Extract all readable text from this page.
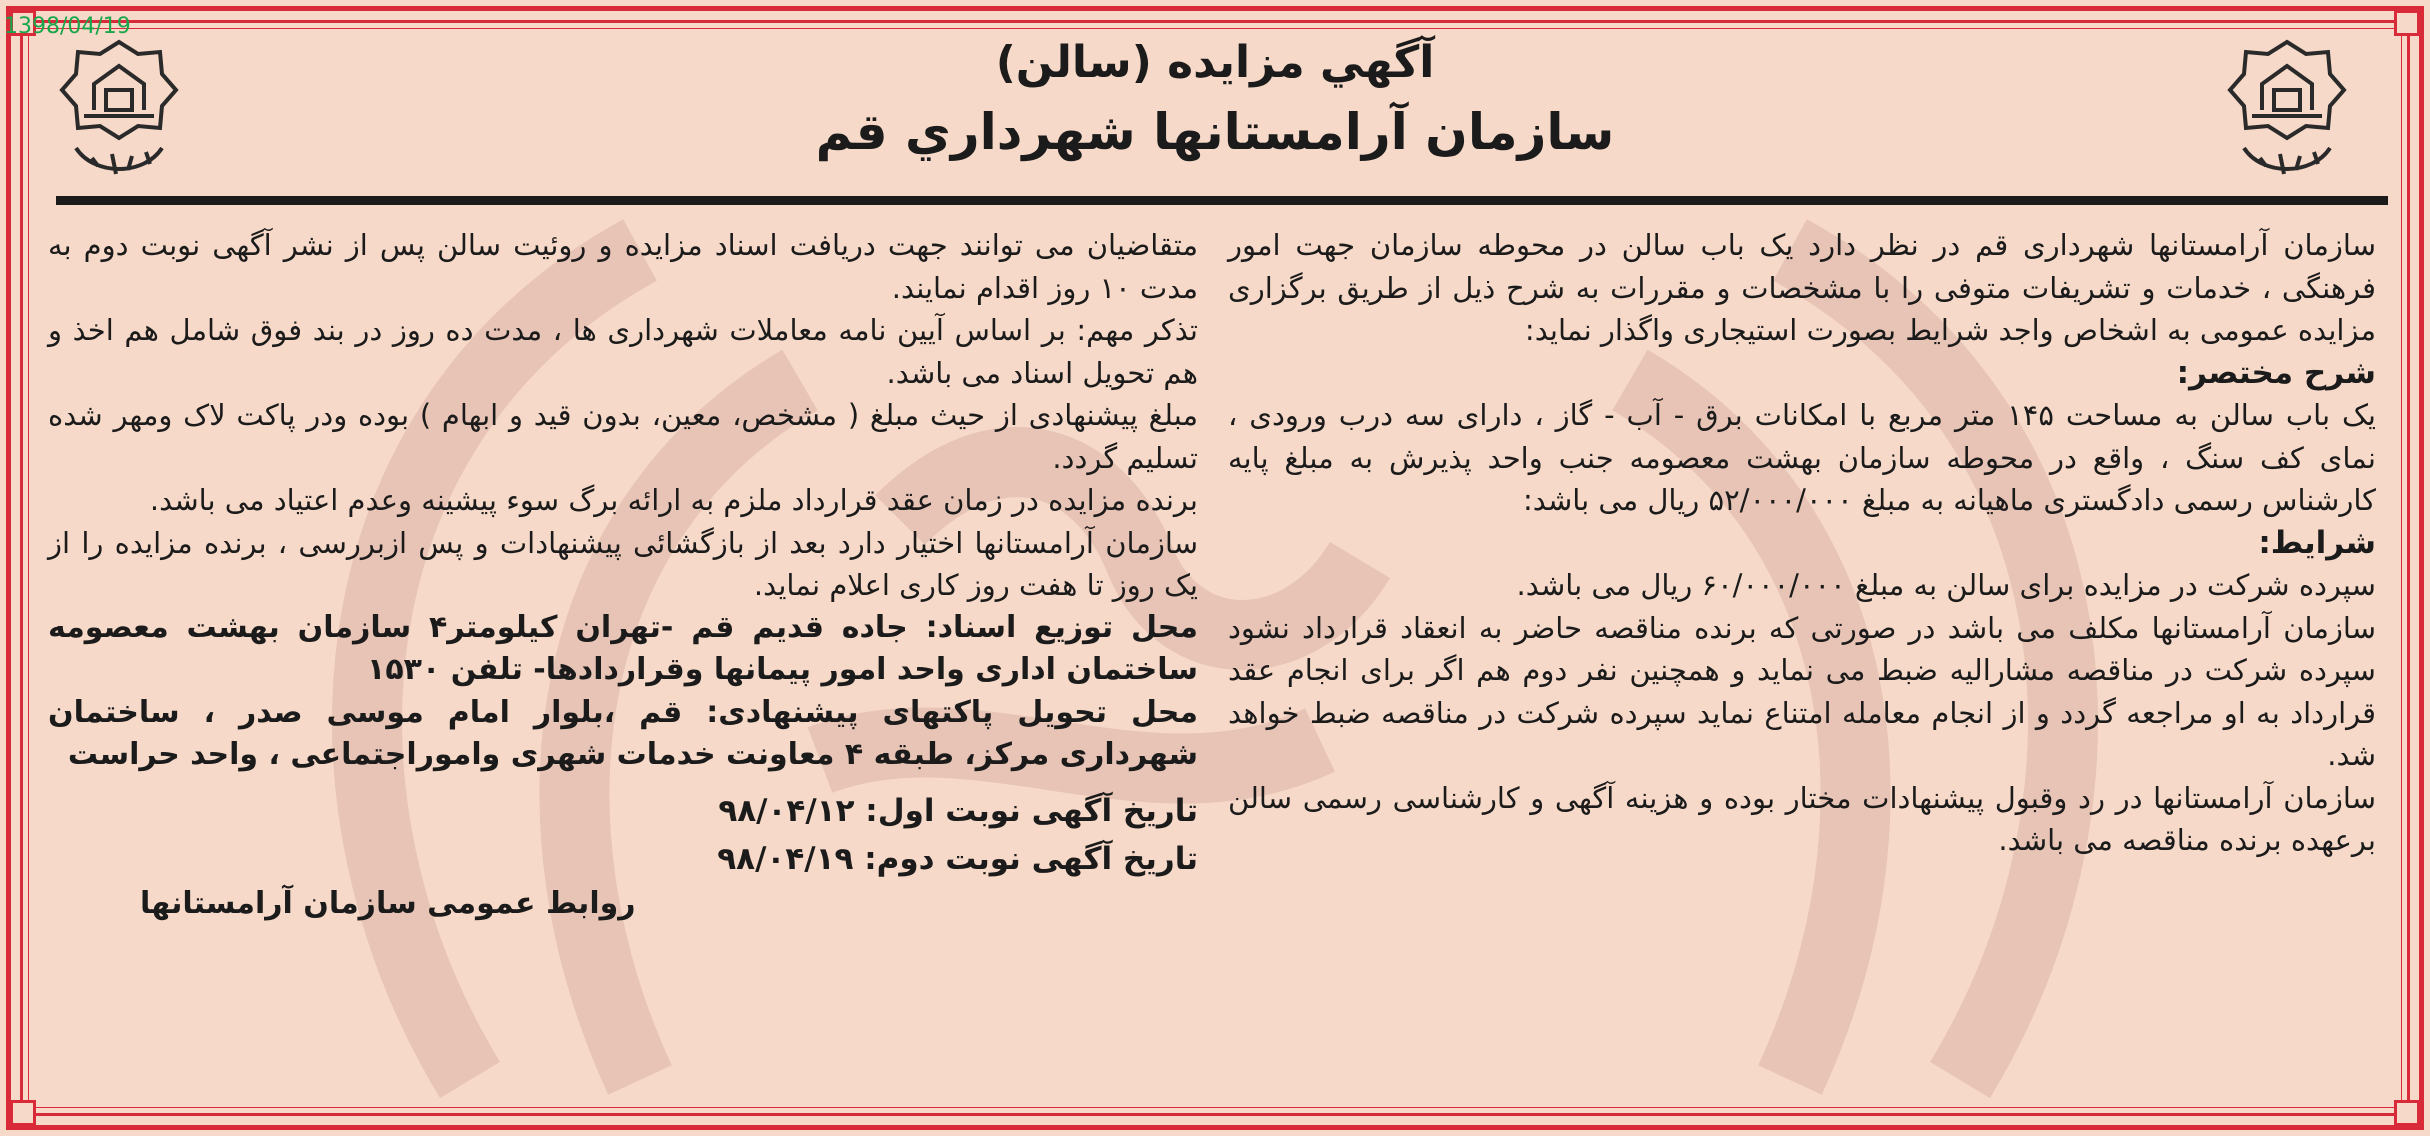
1398/04/19
آگهي مزايده (سالن)
سازمان آرامستانها شهرداري قم

سازمان آرامستانها شهرداری قم در نظر دارد یک باب سالن در محوطه سازمان جهت امور فرهنگی ، خدمات و تشریفات متوفی را با مشخصات و مقررات به شرح ذیل از طریق برگزاری مزایده عمومی به اشخاص واجد شرایط بصورت استیجاری واگذار نماید:

شرح مختصر:

یک باب سالن به مساحت ۱۴۵ متر مربع با امکانات برق - آب - گاز ، دارای سه درب ورودی ، نمای کف سنگ ، واقع در محوطه سازمان بهشت معصومه جنب واحد پذیرش به مبلغ پایه کارشناس رسمی دادگستری ماهیانه به مبلغ ۵۲/۰۰۰/۰۰۰ ریال می باشد:

شرایط:

سپرده شرکت در مزایده برای سالن به مبلغ ۶۰/۰۰۰/۰۰۰ ریال می باشد.

سازمان آرامستانها مکلف می باشد در صورتی که برنده مناقصه حاضر به انعقاد قرارداد نشود سپرده شرکت در مناقصه مشارالیه ضبط می نماید و همچنین نفر دوم هم اگر برای انجام عقد قرارداد به او مراجعه گردد و از انجام معامله امتناع نماید سپرده شرکت در مناقصه ضبط خواهد شد.

سازمان آرامستانها در رد وقبول پیشنهادات مختار بوده و هزینه آگهی و کارشناسی رسمی سالن برعهده برنده مناقصه می باشد.

متقاضیان می توانند جهت دریافت اسناد مزایده و روئیت سالن پس از نشر آگهی نوبت دوم به مدت ۱۰ روز اقدام نمایند.

تذکر مهم: بر اساس آیین نامه معاملات شهرداری ها ، مدت ده روز در بند فوق شامل هم اخذ و هم تحویل اسناد می باشد.

مبلغ پیشنهادی از حیث مبلغ ( مشخص، معین، بدون قید و ابهام ) بوده ودر پاکت لاک ومهر شده تسلیم گردد.

برنده مزایده در زمان عقد قرارداد ملزم به ارائه برگ سوء پیشینه وعدم اعتیاد می باشد.

سازمان آرامستانها اختیار دارد بعد از بازگشائی پیشنهادات و پس ازبررسی ، برنده مزایده را از یک روز تا هفت روز کاری اعلام نماید.

محل توزیع اسناد: جاده قدیم قم -تهران کیلومتر۴ سازمان بهشت معصومه ساختمان اداری واحد امور پیمانها وقراردادها- تلفن ۱۵۳۰

محل تحویل پاکتهای پیشنهادی: قم ،بلوار امام موسی صدر ، ساختمان شهرداری مرکز، طبقه ۴ معاونت خدمات شهری واموراجتماعی ، واحد حراست

تاریخ آگهی نوبت اول: ۹۸/۰۴/۱۲
تاریخ آگهی نوبت دوم: ۹۸/۰۴/۱۹

روابط عمومی سازمان آرامستانها
